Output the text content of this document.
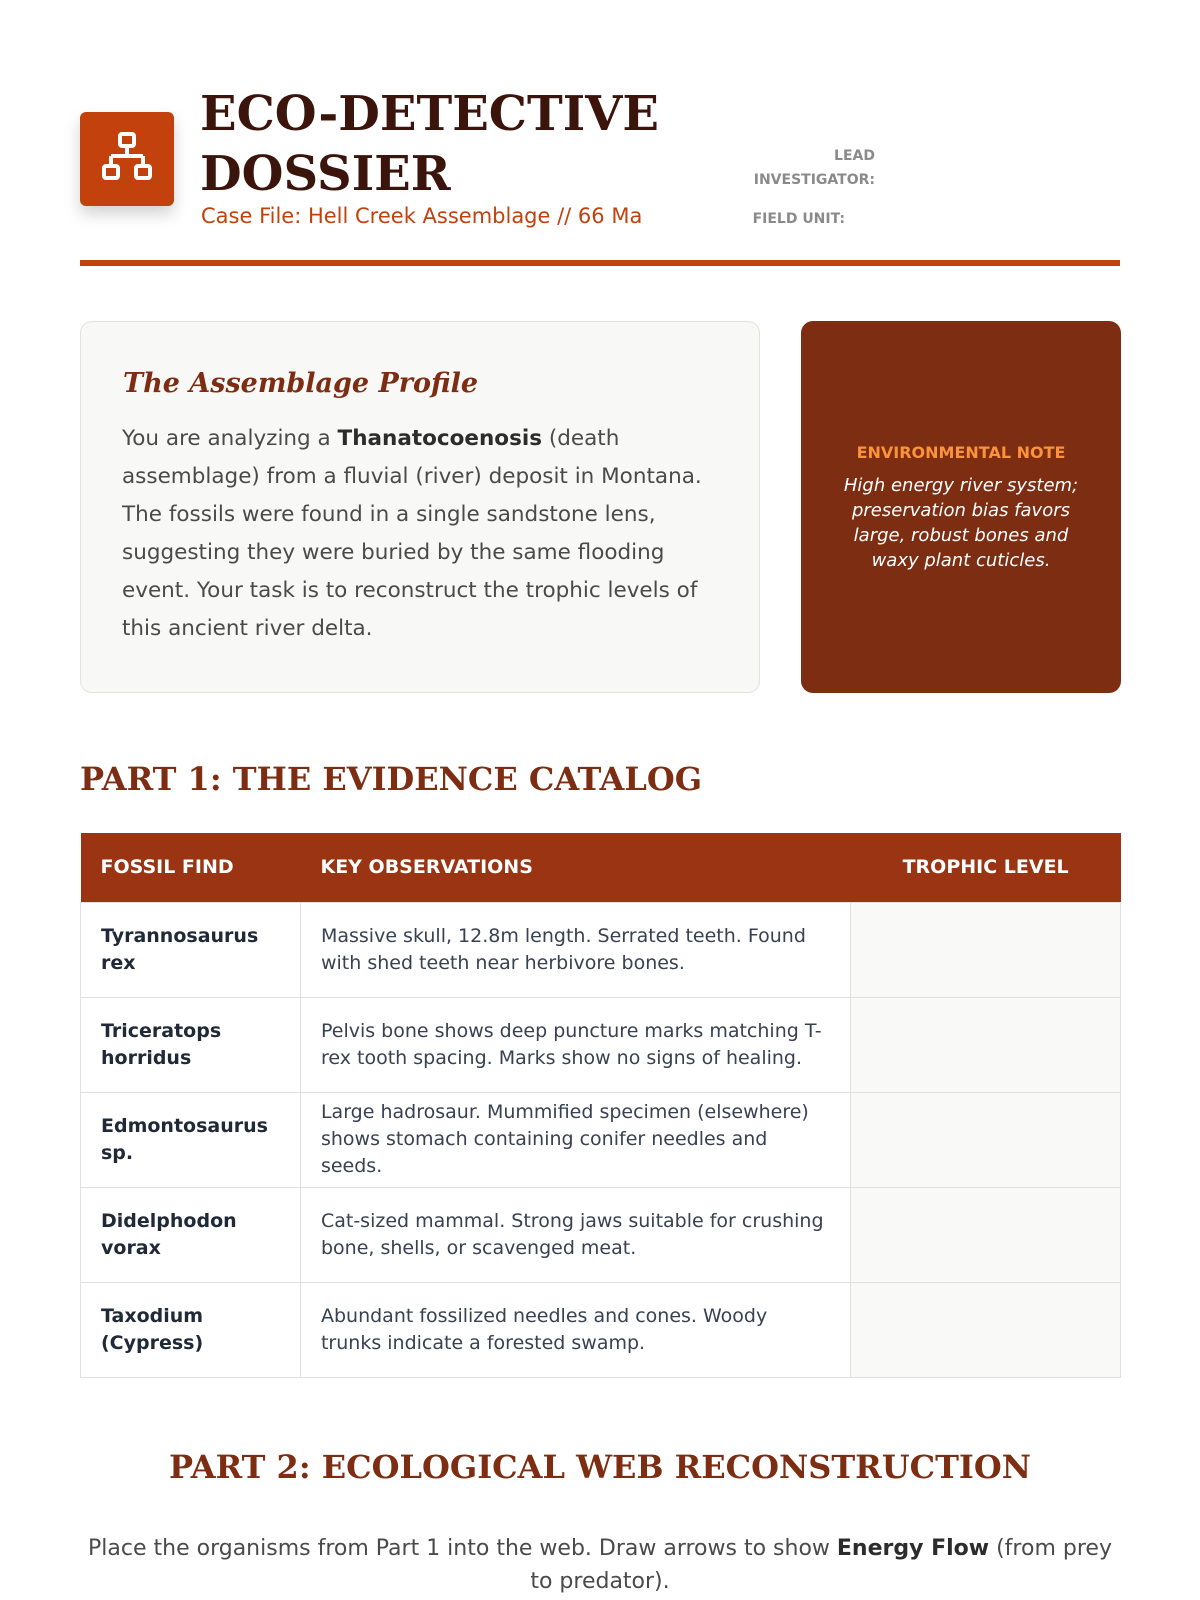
ECO-DETECTIVE DOSSIER
Case File: Hell Creek Assemblage // 66 Ma
LEAD INVESTIGATOR:
FIELD UNIT:
The Assemblage Profile

You are analyzing a Thanatocoenosis (death assemblage) from a fluvial (river) deposit in Montana. The fossils were found in a single sandstone lens, suggesting they were buried by the same flooding event. Your task is to reconstruct the trophic levels of this ancient river delta.

ENVIRONMENTAL NOTE
High energy river system; preservation bias favors large, robust bones and waxy plant cuticles.
PART 1: THE EVIDENCE CATALOG
FOSSIL FIND	KEY OBSERVATIONS	TROPHIC LEVEL
Tyrannosaurus rex	Massive skull, 12.8m length. Serrated teeth. Found with shed teeth near herbivore bones.	
Triceratops horridus	Pelvis bone shows deep puncture marks matching T-rex tooth spacing. Marks show no signs of healing.	
Edmontosaurus sp.	Large hadrosaur. Mummified specimen (elsewhere) shows stomach containing conifer needles and seeds.	
Didelphodon vorax	Cat-sized mammal. Strong jaws suitable for crushing bone, shells, or scavenged meat.	
Taxodium (Cypress)	Abundant fossilized needles and cones. Woody trunks indicate a forested swamp.	
PART 2: ECOLOGICAL WEB RECONSTRUCTION
Place the organisms from Part 1 into the web. Draw arrows to show Energy Flow (from prey to predator).
